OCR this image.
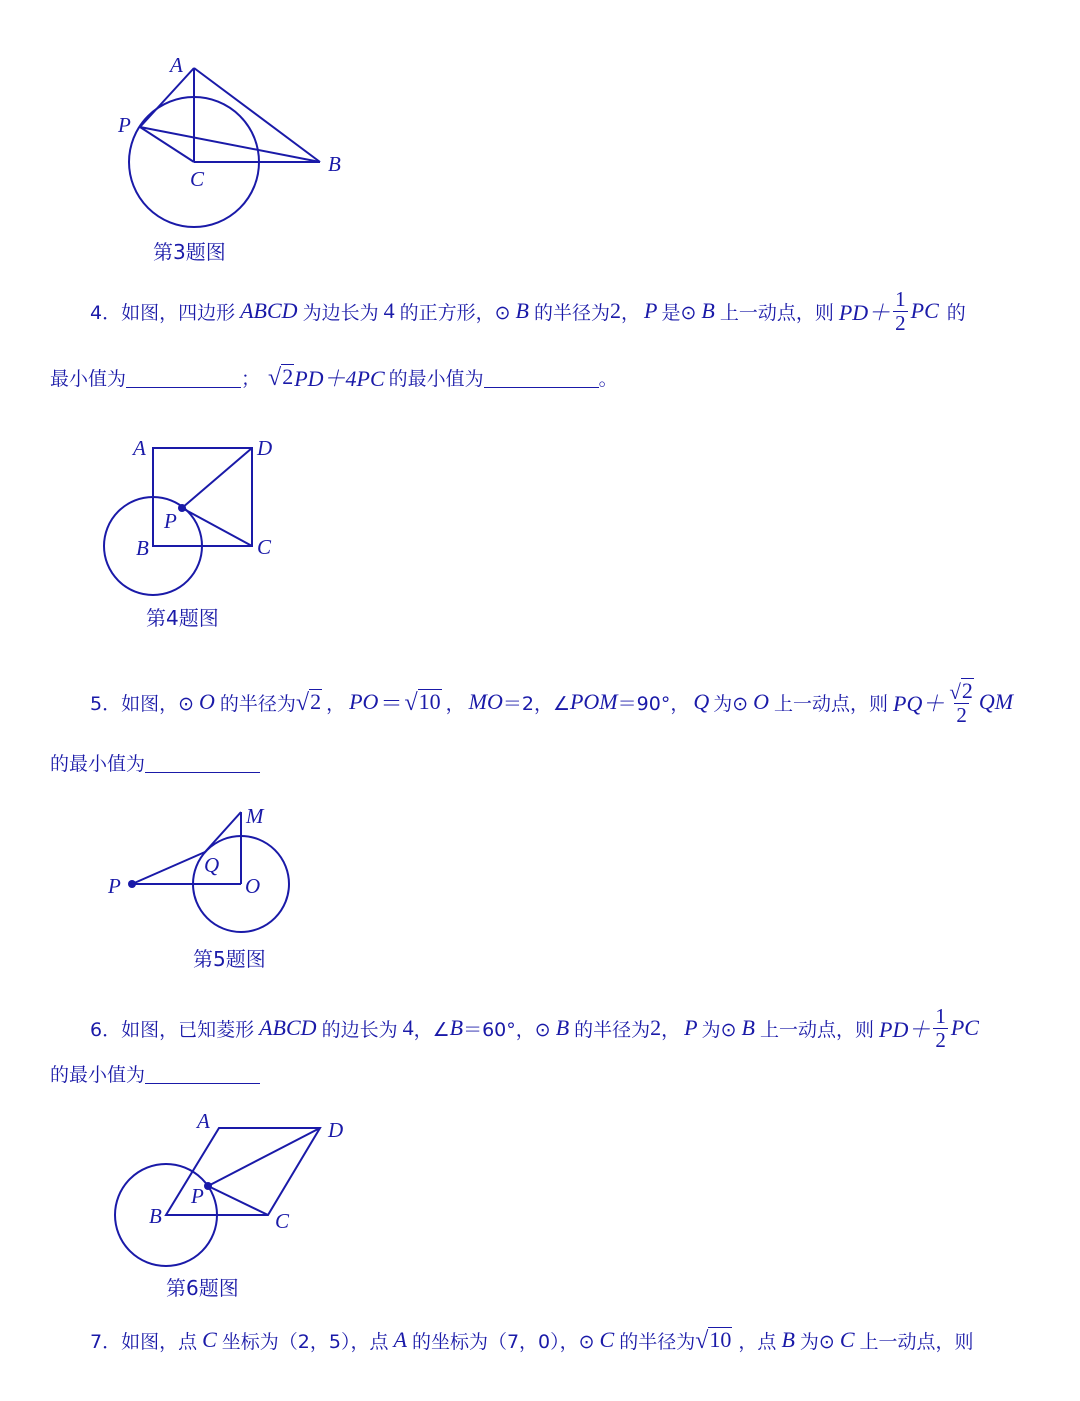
A
P
B
C
第3题图
4． 如图，四边形 ABCD 为边长为 4 的正方形，⊙ B 的半径为 2 ， P 是⊙ B 上一动点，则 $PD+ \frac{1}{2}$ PC 的
最小值为	； √ 2 PD＋4PC 的最小值为	。
A	D
P
B	C
第4题图
5． 如图，⊙ O 的半径为 √ 2 ， PO ＝ √ 10 ， MO ＝2，∠ POM ＝90°， Q 为⊙ O 上一动点，则 $PQ+ \frac{√ 2}{2}$ QM
的最小值为
M
Q
P	O
第5题图
6． 如图，已知菱形 ABCD 的边长为 4 ，∠ B ＝60°，⊙ B 的半径为 2 ， P 为⊙ B 上一动点，则 $PD+ \frac{1}{2}$ PC
的最小值为
A	D
P
B	C
第6题图
7． 如图，点 C 坐标为（2，5），点 A 的坐标为（7，0），⊙ C 的半径为 √ 10 ，点 B 为⊙ C 上一动点，则
